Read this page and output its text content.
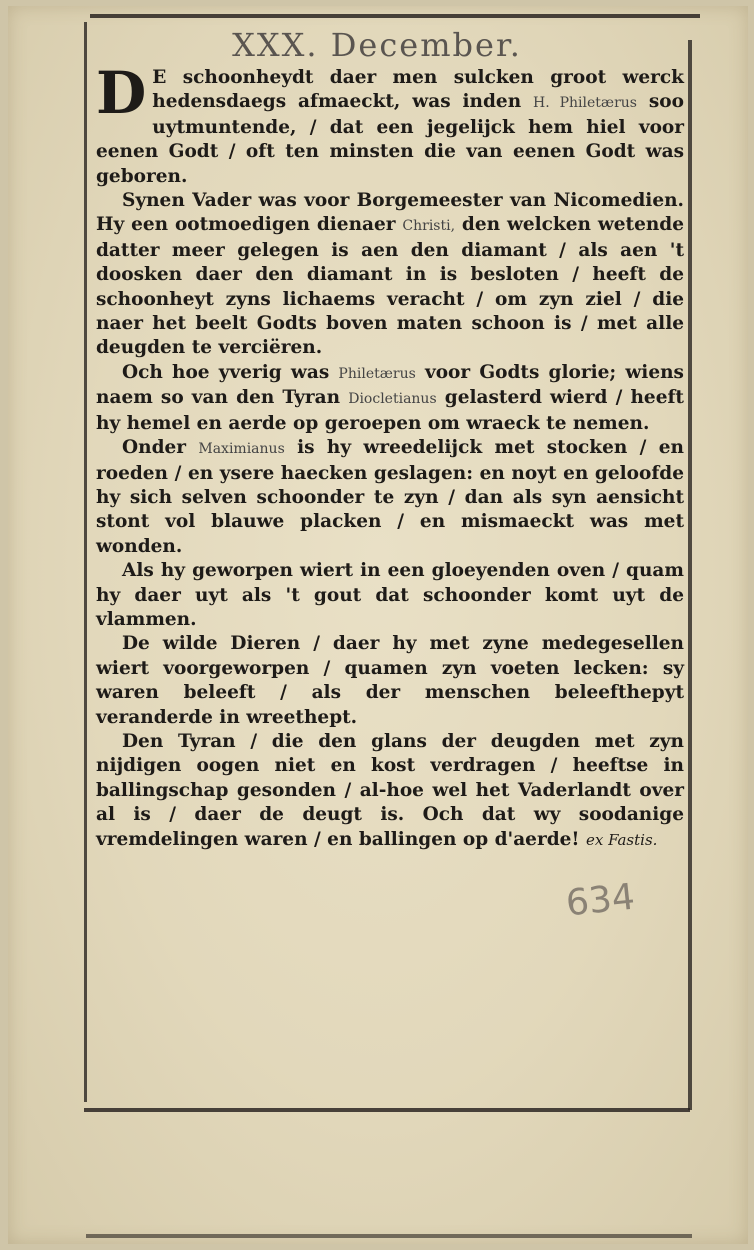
XXX. December.

D E schoonheydt daer men sulcken groot werck hedensdaegs afmaeckt, was inden H. Philetærus soo uytmuntende, / dat een jegelijck hem hiel voor eenen Godt / oft ten minsten die van eenen Godt was geboren.

Synen Vader was voor Borgemeester van Nicomedien. Hy een ootmoedigen dienaer Christi, den welcken wetende datter meer gelegen is aen den diamant / als aen 't doosken daer den diamant in is besloten / heeft de schoonheyt zyns lichaems veracht / om zyn ziel / die naer het beelt Godts boven maten schoon is / met alle deugden te verciëren.

Och hoe yverig was Philetærus voor Godts glorie; wiens naem so van den Tyran Diocletianus gelasterd wierd / heeft hy hemel en aerde op geroepen om wraeck te nemen.

Onder Maximianus is hy wreedelijck met stocken / en roeden / en ysere haecken geslagen: en noyt en geloofde hy sich selven schoonder te zyn / dan als syn aensicht stont vol blauwe placken / en mismaeckt was met wonden.

Als hy geworpen wiert in een gloeyenden oven / quam hy daer uyt als 't gout dat schoonder komt uyt de vlammen.

De wilde Dieren / daer hy met zyne medegesellen wiert voorgeworpen / quamen zyn voeten lecken: sy waren beleeft / als der menschen beleefthepyt veranderde in wreethept.

Den Tyran / die den glans der deugden met zyn nijdigen oogen niet en kost verdragen / heeftse in ballingschap gesonden / al-hoe wel het Vaderlandt over al is / daer de deugt is. Och dat wy soodanige vremdelingen waren / en ballingen op d'aerde! ex Fastis.

634
